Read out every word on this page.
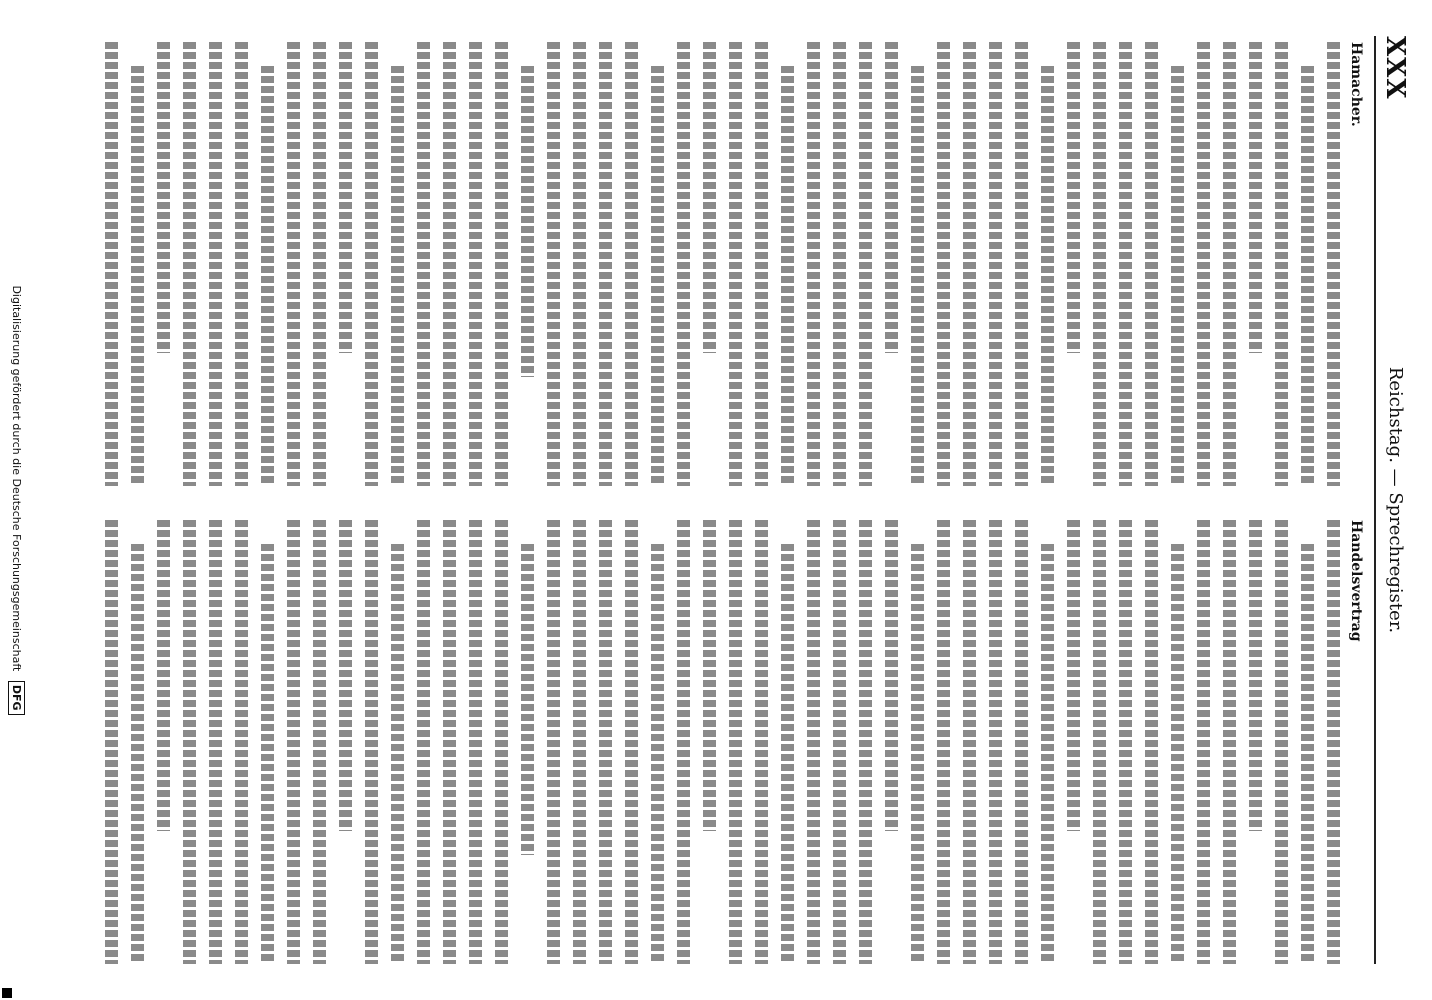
XXX
Reichstag. — Sprechregister.
Hamacher.
Handelsvertrag
Digitalisierung gefördert durch die Deutsche Forschungsgemeinschaft DFG
